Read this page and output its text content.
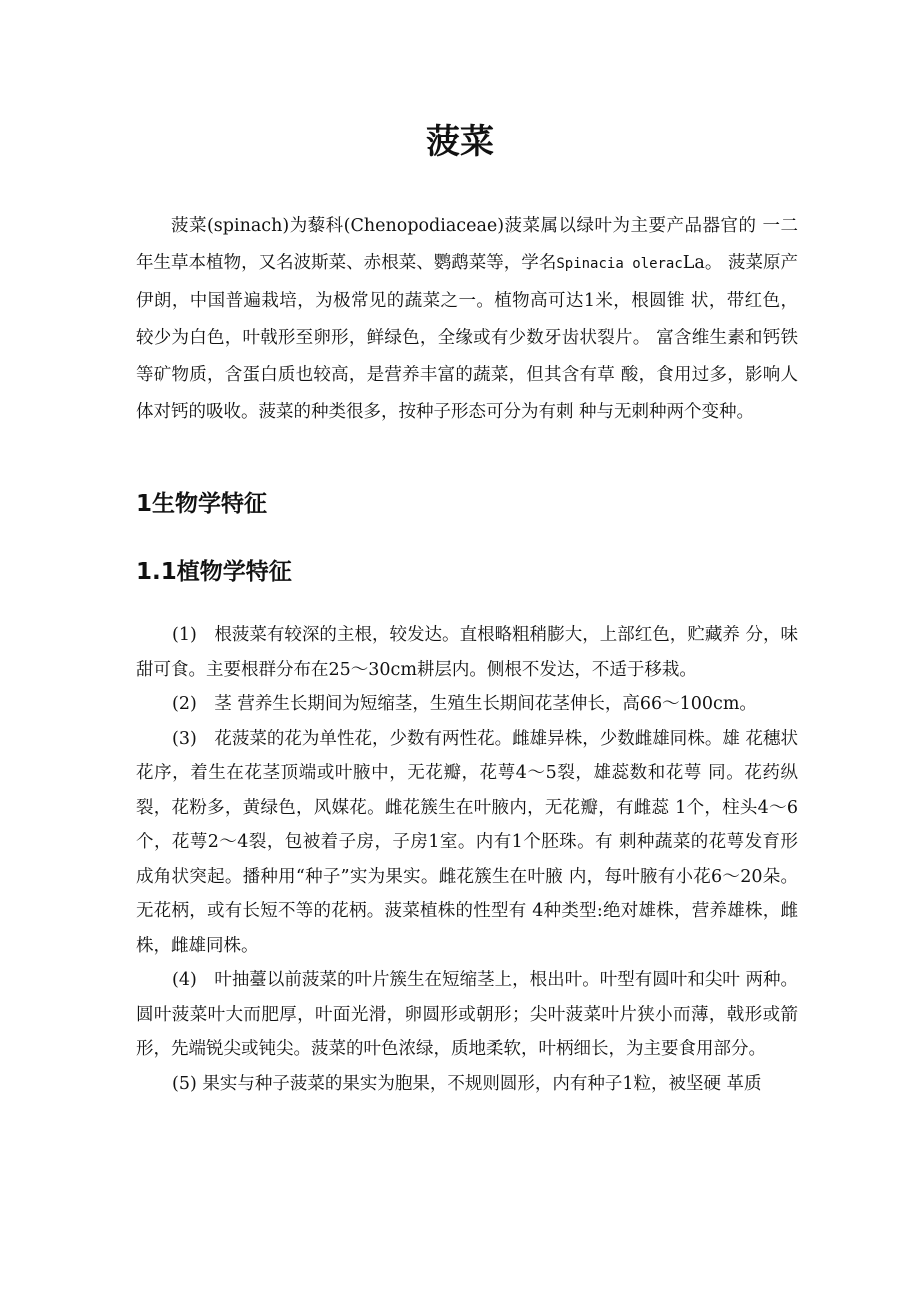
菠菜

菠菜(spinach)为藜科(Chenopodiaceae)菠菜属以绿叶为主要产品器官的 一二年生草本植物，又名波斯菜、赤根菜、鹦鹉菜等，学名Spinacia oleracLa。 菠菜原产伊朗，中国普遍栽培，为极常见的蔬菜之一。植物高可达1米，根圆锥 状，带红色，较少为白色，叶戟形至卵形，鲜绿色，全缘或有少数牙齿状裂片。 富含维生素和钙铁等矿物质，含蛋白质也较高，是营养丰富的蔬菜，但其含有草 酸，食用过多，影响人体对钙的吸收。菠菜的种类很多，按种子形态可分为有刺 种与无刺种两个变种。

1生物学特征
1.1植物学特征

(1)　根菠菜有较深的主根，较发达。直根略粗稍膨大，上部红色，贮藏养 分，味甜可食。主要根群分布在25〜30cm耕层内。侧根不发达，不适于移栽。

(2)　茎 营养生长期间为短缩茎，生殖生长期间花茎伸长，高66〜100cm。

(3)　花菠菜的花为单性花，少数有两性花。雌雄异株，少数雌雄同株。雄 花穗状花序，着生在花茎顶端或叶腋中，无花瓣，花萼4〜5裂，雄蕊数和花萼 同。花药纵裂，花粉多，黄绿色，风媒花。雌花簇生在叶腋内，无花瓣，有雌蕊 1个，柱头4〜6个，花萼2〜4裂，包被着子房，子房1室。内有1个胚珠。有 刺种蔬菜的花萼发育形成角状突起。播种用“种子”实为果实。雌花簇生在叶腋 内，每叶腋有小花6〜20朵。无花柄，或有长短不等的花柄。菠菜植株的性型有 4种类型:绝对雄株，营养雄株，雌株，雌雄同株。

(4)　叶抽薹以前菠菜的叶片簇生在短缩茎上，根出叶。叶型有圆叶和尖叶 两种。圆叶菠菜叶大而肥厚，叶面光滑，卵圆形或朝形；尖叶菠菜叶片狭小而薄，戟形或箭形，先端锐尖或钝尖。菠菜的叶色浓绿，质地柔软，叶柄细长，为主要食用部分。

(5) 果实与种子菠菜的果实为胞果，不规则圆形，内有种子1粒，被坚硬 革质
